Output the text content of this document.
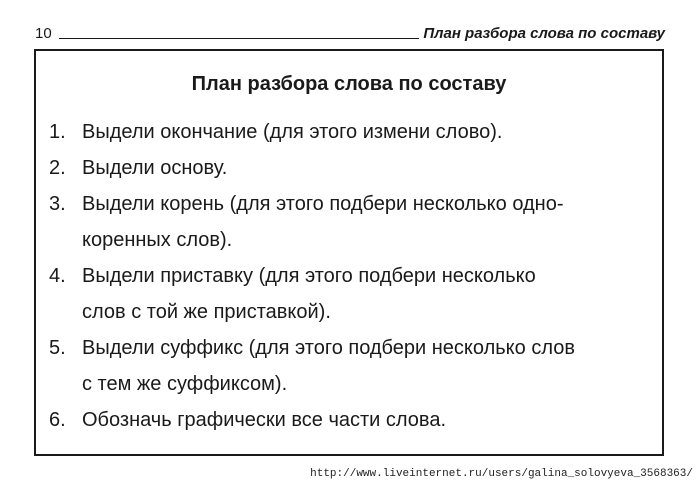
10	План разбора слова по составу
План разбора слова по составу
1. Выдели окончание (для этого измени слово).
2. Выдели основу.
3. Выдели корень (для этого подбери несколько одно-
коренных слов).
4. Выдели приставку (для этого подбери несколько
слов с той же приставкой).
5. Выдели суффикс (для этого подбери несколько слов
с тем же суффиксом).
6. Обозначь графически все части слова.
http://www.liveinternet.ru/users/galina_solovyeva_3568363/
